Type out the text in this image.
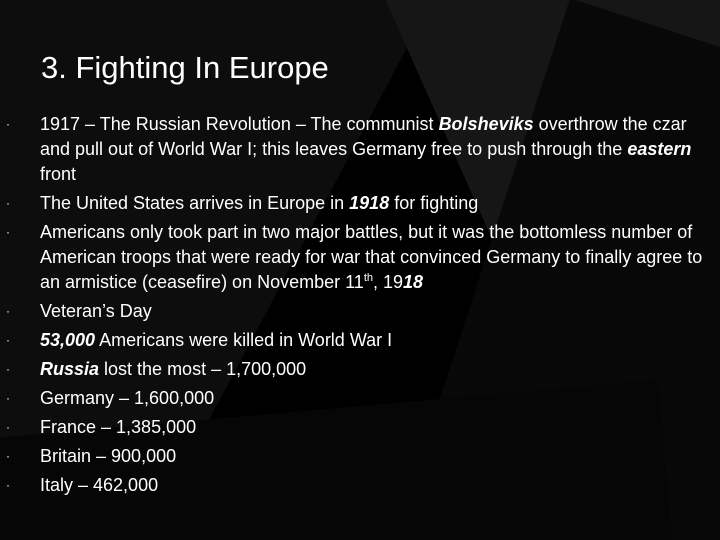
3. Fighting In Europe
·	1917 – The Russian Revolution – The communist Bolsheviks overthrow the czar and pull out of World War I; this leaves Germany free to push through the eastern front
·	The United States arrives in Europe in 1918 for fighting
·	Americans only took part in two major battles, but it was the bottomless number of American troops that were ready for war that convinced Germany to finally agree to an armistice (ceasefire) on November 11th, 1918
·	Veteran’s Day
·	53,000 Americans were killed in World War I
·	Russia lost the most – 1,700,000
·	Germany – 1,600,000
·	France – 1,385,000
·	Britain – 900,000
·	Italy – 462,000
